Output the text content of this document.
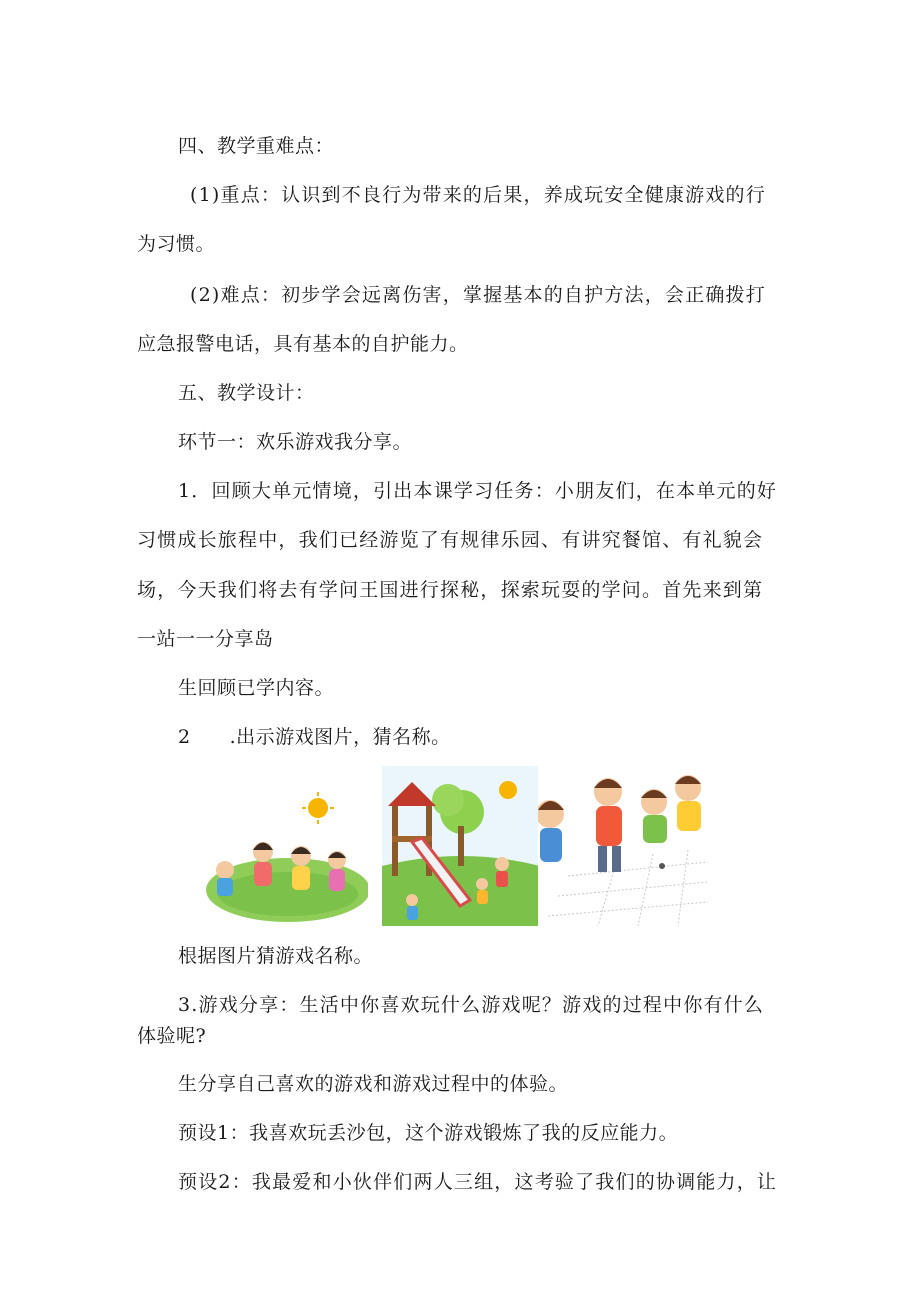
四、教学重难点：
(1)重点：认识到不良行为带来的后果，养成玩安全健康游戏的行
为习惯。
(2)难点：初步学会远离伤害，掌握基本的自护方法，会正确拨打
应急报警电话，具有基本的自护能力。
五、教学设计：
环节一：欢乐游戏我分享。
1．回顾大单元情境，引出本课学习任务：小朋友们，在本单元的好
习惯成长旅程中，我们已经游览了有规律乐园、有讲究餐馆、有礼貌会
场，今天我们将去有学问王国进行探秘，探索玩耍的学问。首先来到第
一站一一分享岛
生回顾已学内容。
2　　.出示游戏图片，猜名称。
根据图片猜游戏名称。
3.游戏分享：生活中你喜欢玩什么游戏呢？游戏的过程中你有什么
体验呢?
生分享自己喜欢的游戏和游戏过程中的体验。
预设1：我喜欢玩丢沙包，这个游戏锻炼了我的反应能力。
预设2：我最爱和小伙伴们两人三组，这考验了我们的协调能力，让
